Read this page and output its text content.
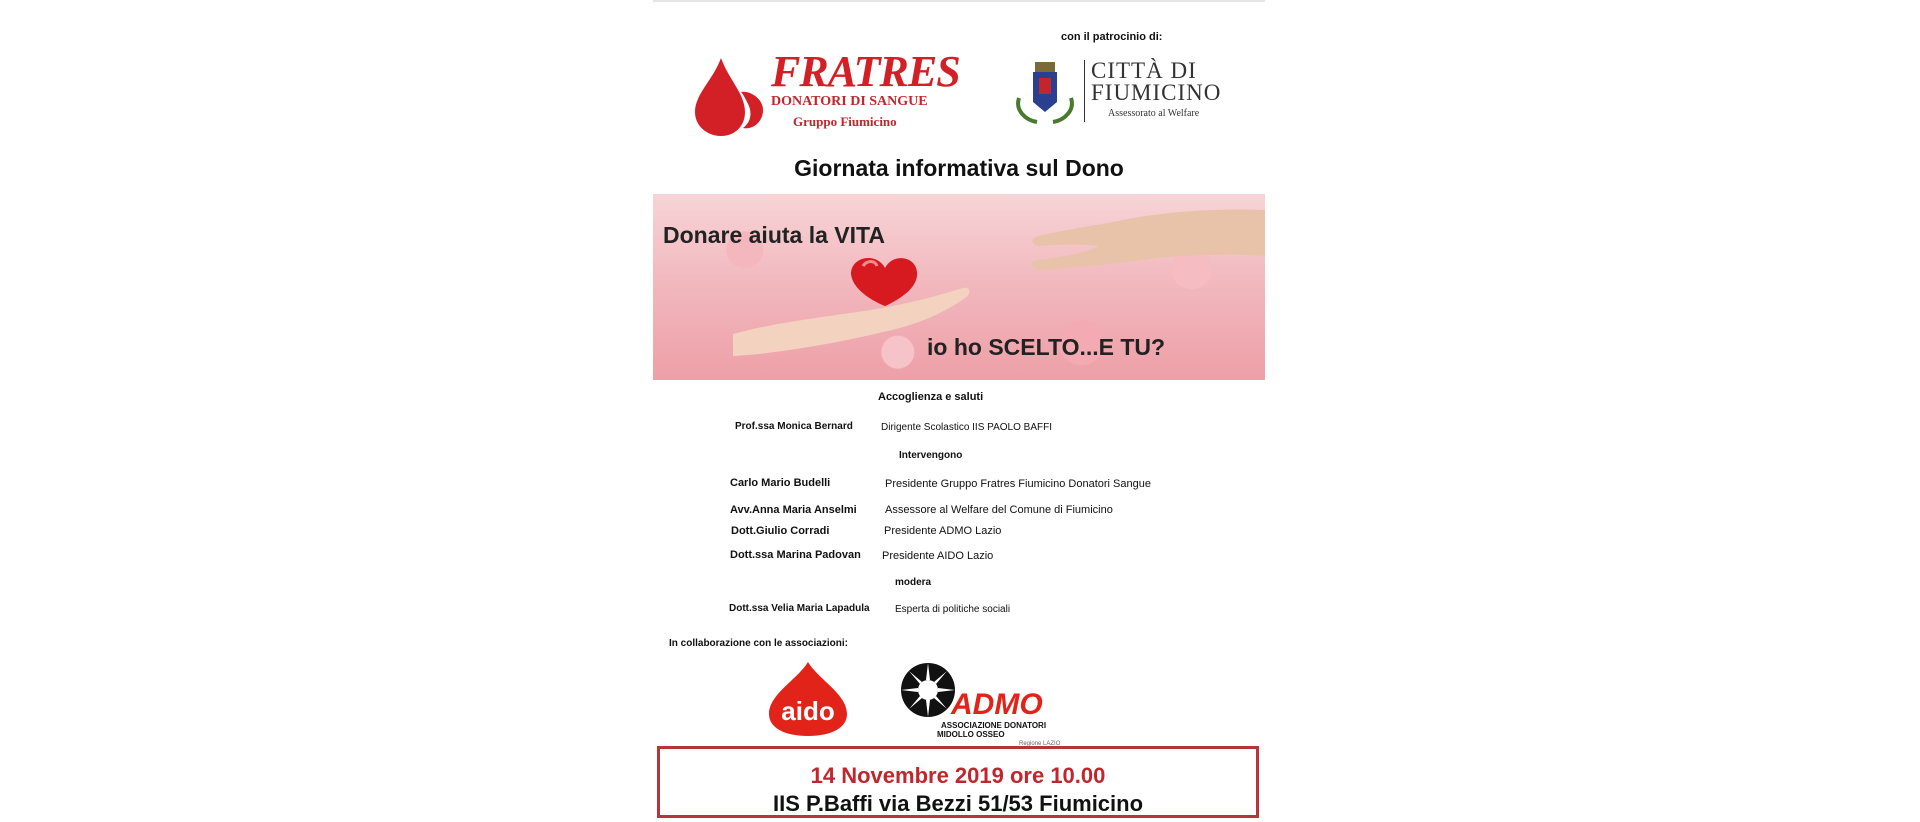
FRATRES
DONATORI DI SANGUE
Gruppo Fiumicino
con il patrocinio di:
CITTÀ DI
FIUMICINO
Assessorato al Welfare
Giornata informativa sul Dono
Donare aiuta la VITA
io ho SCELTO...E TU?
Accoglienza e saluti
Prof.ssa Monica Bernard	Dirigente Scolastico IIS PAOLO BAFFI
Intervengono
Carlo Mario Budelli	Presidente Gruppo Fratres Fiumicino Donatori Sangue
Avv.Anna Maria Anselmi	Assessore al Welfare del Comune di Fiumicino
Dott.Giulio Corradi	Presidente ADMO Lazio
Dott.ssa Marina Padovan Presidente AIDO Lazio
modera
Dott.ssa Velia Maria Lapadula	Esperta di politiche sociali
In collaborazione con le associazioni:
aido	ADMO
ASSOCIAZIONE DONATORI
MIDOLLO OSSEO
Regione LAZIO
14 Novembre 2019 ore 10.00
IIS P.Baffi via Bezzi 51/53 Fiumicino
